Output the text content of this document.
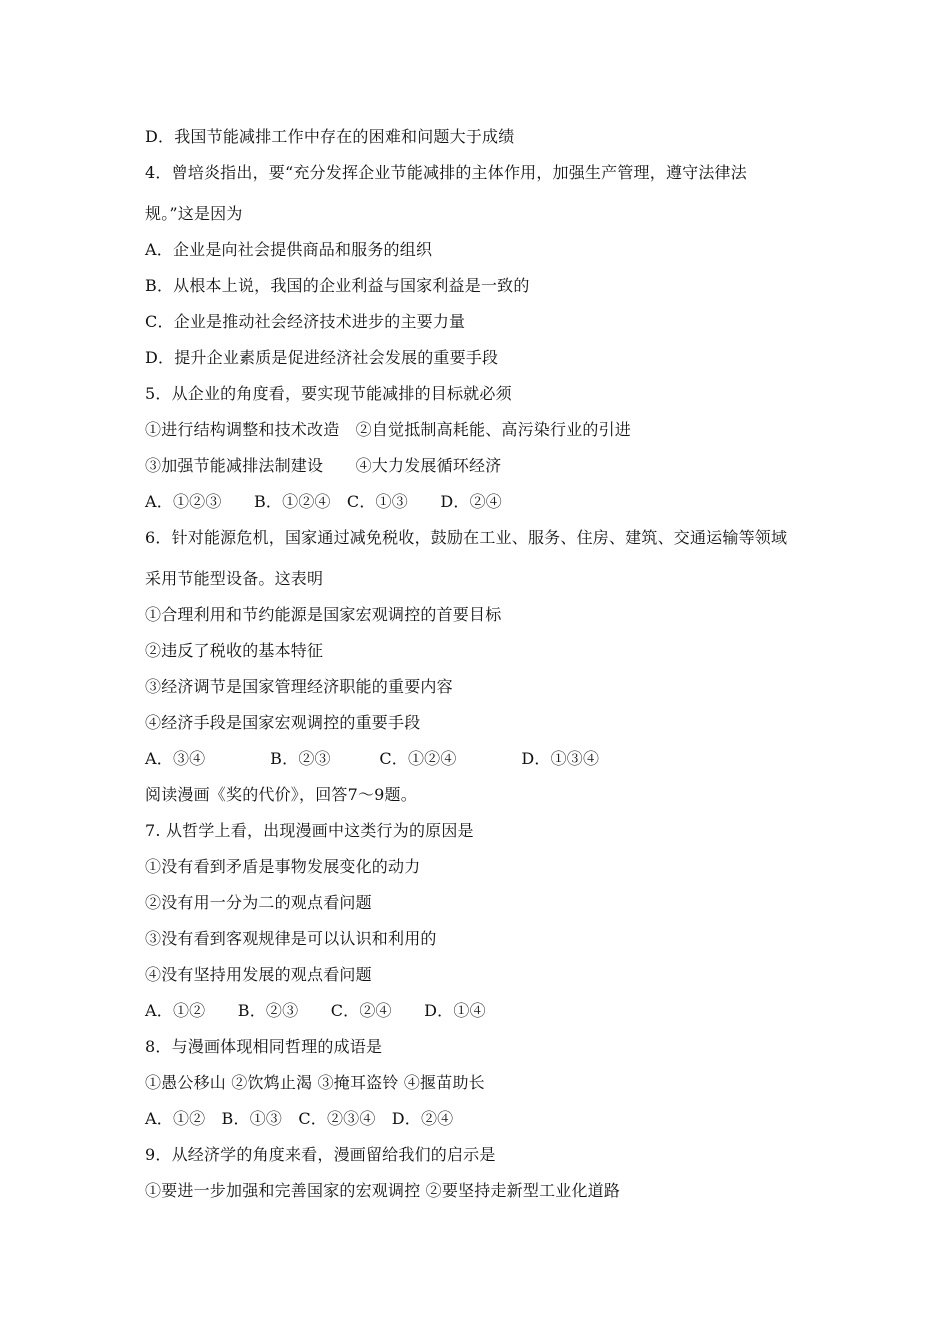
D．我国节能减排工作中存在的困难和问题大于成绩
4．曾培炎指出，要“充分发挥企业节能减排的主体作用，加强生产管理，遵守法律法
规。”这是因为
A．企业是向社会提供商品和服务的组织
B．从根本上说，我国的企业利益与国家利益是一致的
C．企业是推动社会经济技术进步的主要力量
D．提升企业素质是促进经济社会发展的重要手段
5．从企业的角度看，要实现节能减排的目标就必须
①进行结构调整和技术改造　②自觉抵制高耗能、高污染行业的引进
③加强节能减排法制建设　　④大力发展循环经济
A．①②③　　B．①②④　C．①③　　D．②④
6．针对能源危机，国家通过减免税收，鼓励在工业、服务、住房、建筑、交通运输等领域
采用节能型设备。这表明
①合理利用和节约能源是国家宏观调控的首要目标
②违反了税收的基本特征
③经济调节是国家管理经济职能的重要内容
④经济手段是国家宏观调控的重要手段
A．③④　　　　B．②③　　　C．①②④　　　　D．①③④
阅读漫画《奖的代价》，回答7～9题。
7. 从哲学上看，出现漫画中这类行为的原因是
①没有看到矛盾是事物发展变化的动力
②没有用一分为二的观点看问题
③没有看到客观规律是可以认识和利用的
④没有坚持用发展的观点看问题
A．①②　　B．②③　　C．②④　　D．①④
8．与漫画体现相同哲理的成语是
①愚公移山 ②饮鸩止渴 ③掩耳盗铃 ④揠苗助长
A．①②　B．①③　C．②③④　D．②④
9．从经济学的角度来看，漫画留给我们的启示是
①要进一步加强和完善国家的宏观调控 ②要坚持走新型工业化道路
